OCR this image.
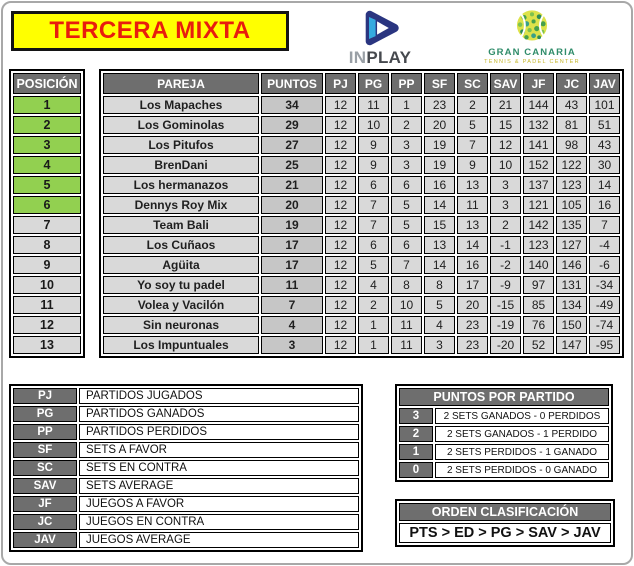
TERCERA MIXTA
INPLAY	GRAN CANARIA
TENNIS & PADEL CENTER
POSICIÓN
1
2
3
4
5
6
7
8
9
10
11
12
13
PAREJA	PUNTOS	PJ	PG	PP	SF	SC	SAV	JF	JC	JAV
Los Mapaches	34	12	11	1	23	2	21	144	43	101
Los Gominolas	29	12	10	2	20	5	15	132	81	51
Los Pitufos	27	12	9	3	19	7	12	141	98	43
BrenDani	25	12	9	3	19	9	10	152	122	30
Los hermanazos	21	12	6	6	16	13	3	137	123	14
Dennys Roy Mix	20	12	7	5	14	11	3	121	105	16
Team Bali	19	12	7	5	15	13	2	142	135	7
Los Cuñaos	17	12	6	6	13	14	-1	123	127	-4
Agüita	17	12	5	7	14	16	-2	140	146	-6
Yo soy tu padel	11	12	4	8	8	17	-9	97	131	-34
Volea y Vacilón	7	12	2	10	5	20	-15	85	134	-49
Sin neuronas	4	12	1	11	4	23	-19	76	150	-74
Los Impuntuales	3	12	1	11	3	23	-20	52	147	-95
PJ	PARTIDOS JUGADOS
PG	PARTIDOS GANADOS
PP	PARTIDOS PERDIDOS
SF	SETS A FAVOR
SC	SETS EN CONTRA
SAV	SETS AVERAGE
JF	JUEGOS A FAVOR
JC	JUEGOS EN CONTRA
JAV	JUEGOS AVERAGE
PUNTOS POR PARTIDO	
3	2 SETS GANADOS - 0 PERDIDOS
2	2 SETS GANADOS - 1 PERDIDO
1	2 SETS PERDIDOS - 1 GANADO
0	2 SETS PERDIDOS - 0 GANADO
ORDEN CLASIFICACIÓN
PTS > ED > PG > SAV > JAV
